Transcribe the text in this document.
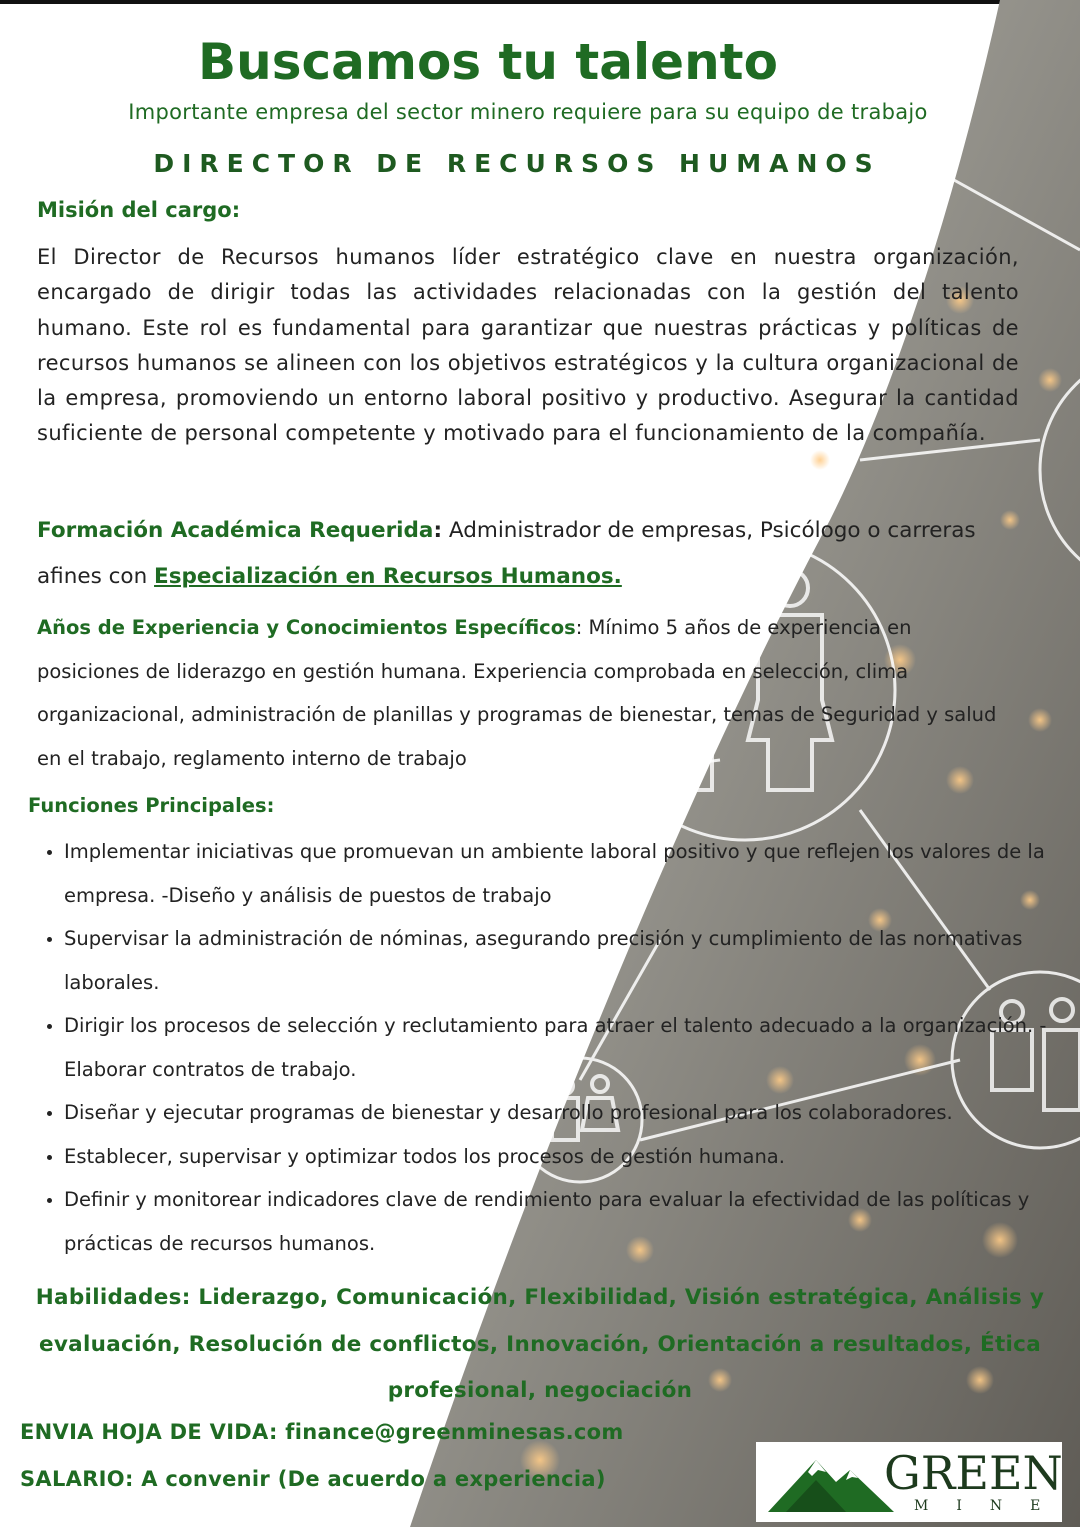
Buscamos tu talento
Importante empresa del sector minero requiere para su equipo de trabajo
DIRECTOR DE RECURSOS HUMANOS
Misión del cargo:
El Director de Recursos humanos líder estratégico clave en nuestra organización, encargado de dirigir todas las actividades relacionadas con la gestión del talento humano. Este rol es fundamental para garantizar que nuestras prácticas y políticas de recursos humanos se alineen con los objetivos estratégicos y la cultura organizacional de la empresa, promoviendo un entorno laboral positivo y productivo. Asegurar la cantidad suficiente de personal competente y motivado para el funcionamiento de la compañía.
Formación Académica Requerida: Administrador de empresas, Psicólogo o carreras afines con Especialización en Recursos Humanos.
Años de Experiencia y Conocimientos Específicos: Mínimo 5 años de experiencia en posiciones de liderazgo en gestión humana. Experiencia comprobada en selección, clima organizacional, administración de planillas y programas de bienestar, temas de Seguridad y salud en el trabajo, reglamento interno de trabajo
Funciones Principales:
• Implementar iniciativas que promuevan un ambiente laboral positivo y que reflejen los valores de la empresa. -Diseño y análisis de puestos de trabajo
• Supervisar la administración de nóminas, asegurando precisión y cumplimiento de las normativas laborales.
• Dirigir los procesos de selección y reclutamiento para atraer el talento adecuado a la organización. -Elaborar contratos de trabajo.
• Diseñar y ejecutar programas de bienestar y desarrollo profesional para los colaboradores.
• Establecer, supervisar y optimizar todos los procesos de gestión humana.
• Definir y monitorear indicadores clave de rendimiento para evaluar la efectividad de las políticas y prácticas de recursos humanos.
Habilidades: Liderazgo, Comunicación, Flexibilidad, Visión estratégica, Análisis y evaluación, Resolución de conflictos, Innovación, Orientación a resultados, Ética profesional, negociación
ENVIA HOJA DE VIDA: finance@greenminesas.com
SALARIO: A convenir (De acuerdo a experiencia)	GREEN
MINE
